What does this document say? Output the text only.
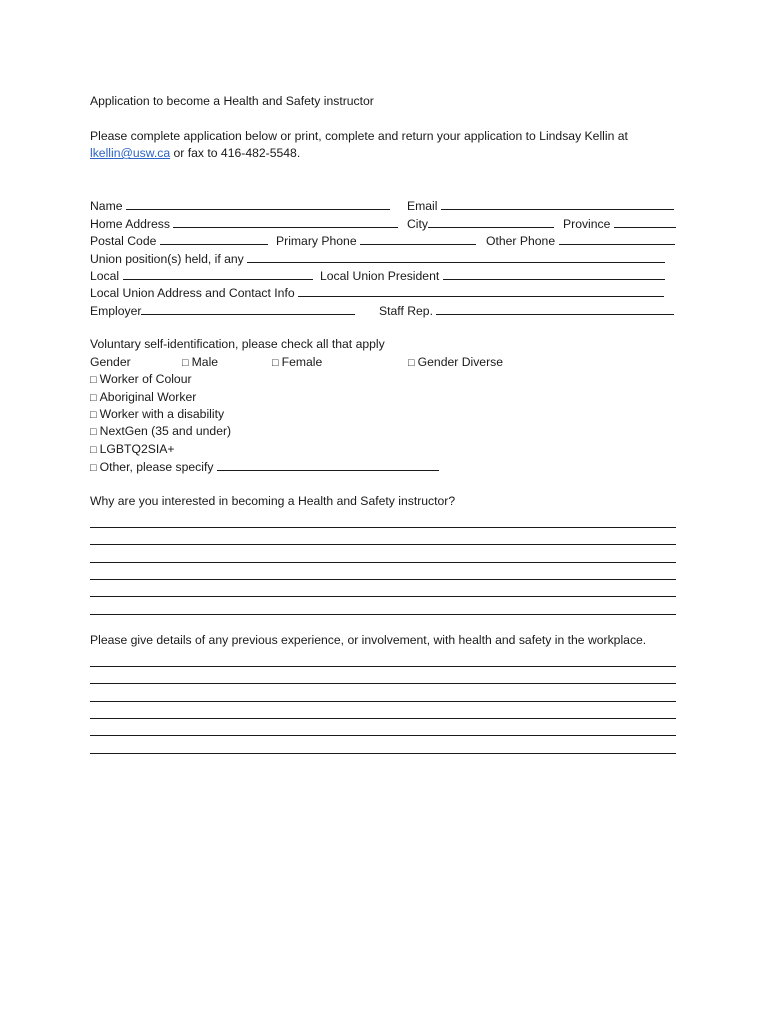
Application to become a Health and Safety instructor
Please complete application below or print, complete and return your application to Lindsay Kellin at
lkellin@usw.ca or fax to 416-482-5548.
Name	Email
Home Address	City	Province
Postal Code	Primary Phone	Other Phone
Union position(s) held, if any
Local	Local Union President
Local Union Address and Contact Info
Employer	Staff Rep.
Voluntary self-identification, please check all that apply
Gender	□ Male	□ Female	□ Gender Diverse
□ Worker of Colour
□ Aboriginal Worker
□ Worker with a disability
□ NextGen (35 and under)
□ LGBTQ2SIA+
□ Other, please specify
Why are you interested in becoming a Health and Safety instructor?
Please give details of any previous experience, or involvement, with health and safety in the workplace.
